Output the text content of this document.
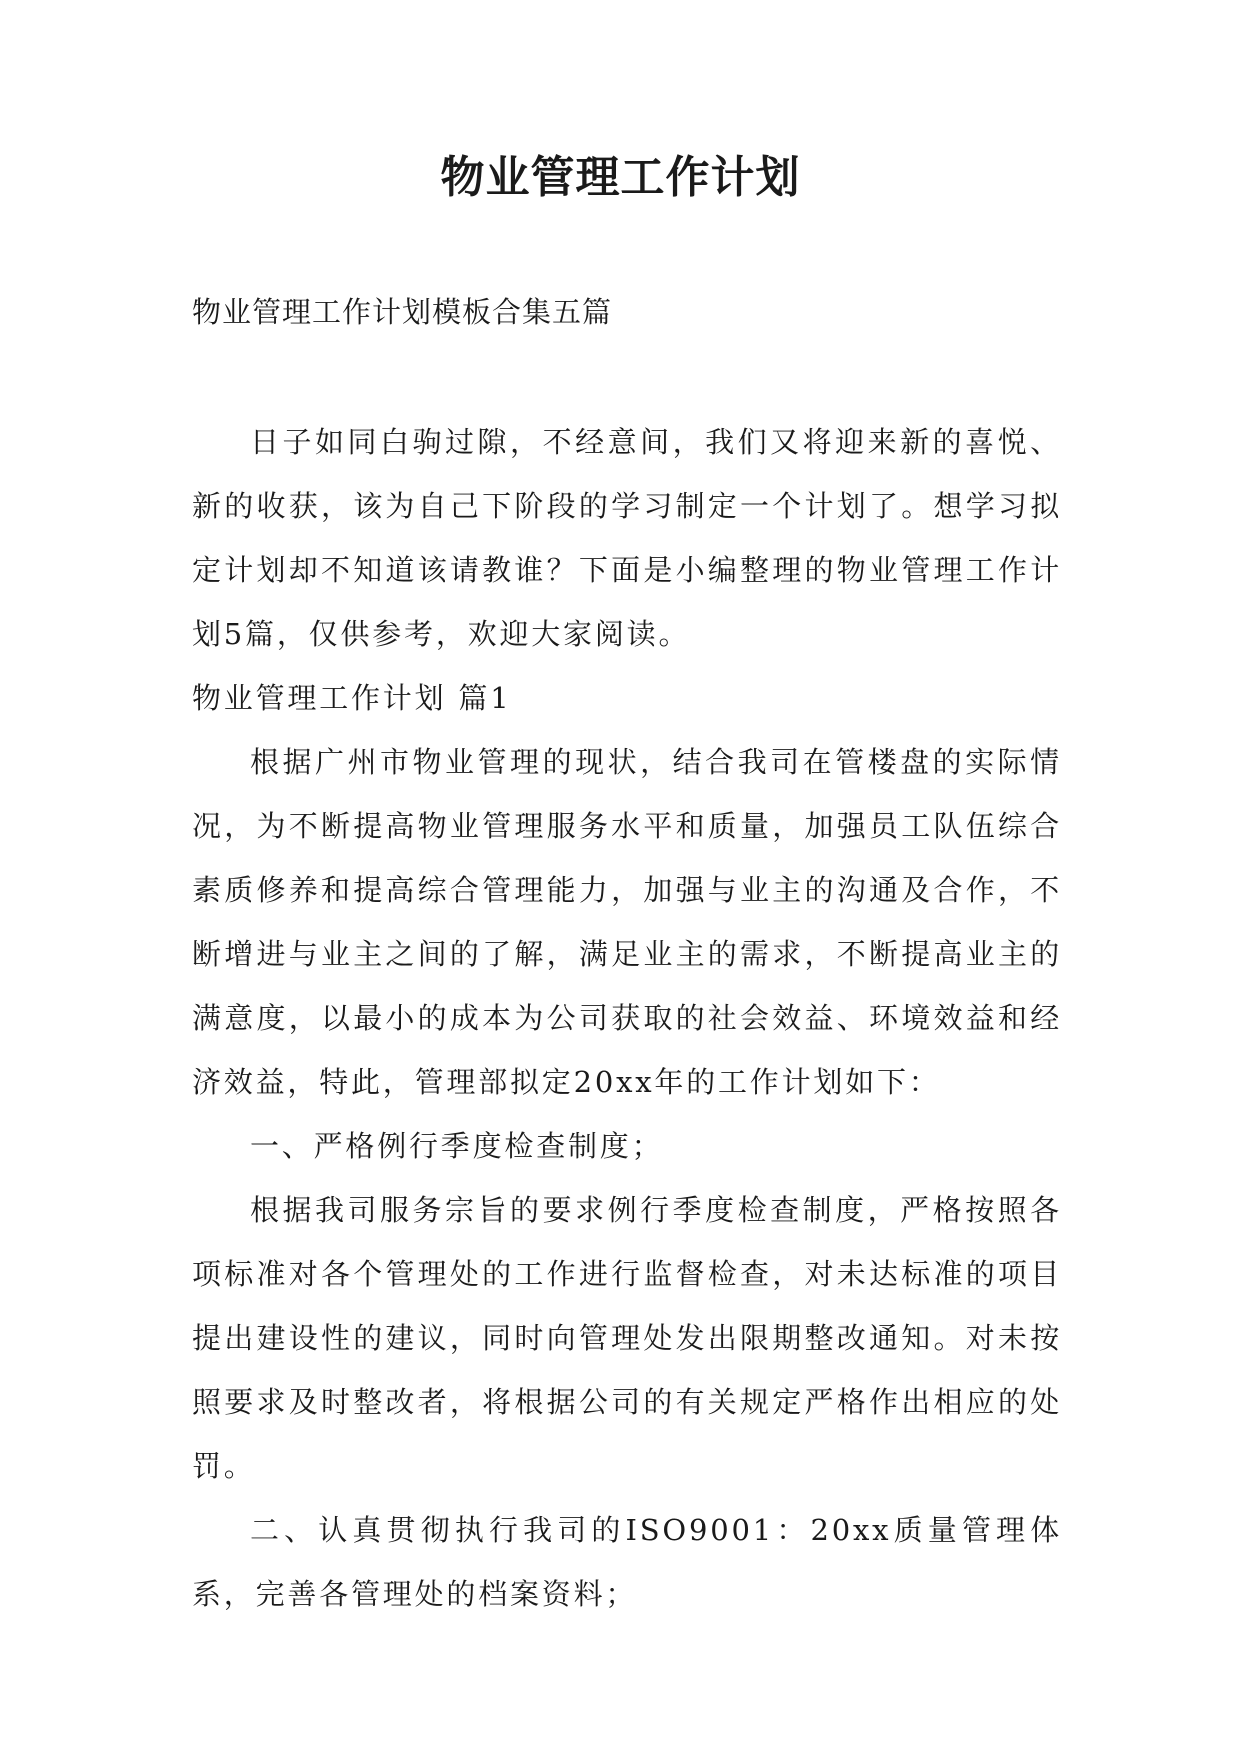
物业管理工作计划
物业管理工作计划模板合集五篇

日子如同白驹过隙，不经意间，我们又将迎来新的喜悦、新的收获，该为自己下阶段的学习制定一个计划了。想学习拟定计划却不知道该请教谁？下面是小编整理的物业管理工作计划5篇，仅供参考，欢迎大家阅读。

物业管理工作计划 篇1

根据广州市物业管理的现状，结合我司在管楼盘的实际情况，为不断提高物业管理服务水平和质量，加强员工队伍综合素质修养和提高综合管理能力，加强与业主的沟通及合作，不断增进与业主之间的了解，满足业主的需求，不断提高业主的满意度，以最小的成本为公司获取的社会效益、环境效益和经济效益，特此，管理部拟定20xx年的工作计划如下：

一、严格例行季度检查制度；

根据我司服务宗旨的要求例行季度检查制度，严格按照各项标准对各个管理处的工作进行监督检查，对未达标准的项目提出建设性的建议，同时向管理处发出限期整改通知。对未按照要求及时整改者，将根据公司的有关规定严格作出相应的处罚。

二、认真贯彻执行我司的ISO9001：20xx质量管理体系，完善各管理处的档案资料；
